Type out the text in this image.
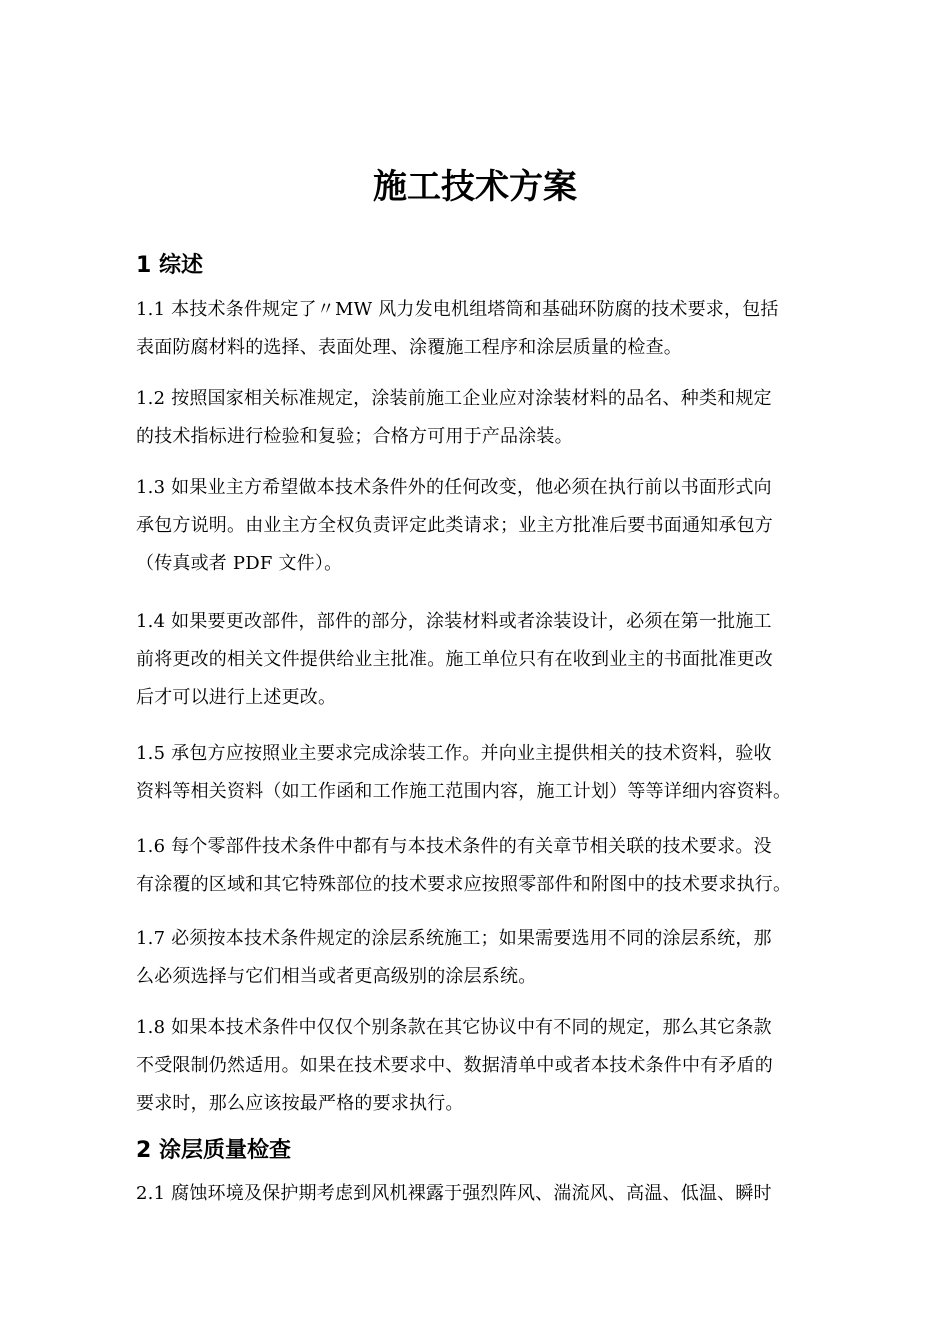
施工技术方案
1 综述
1.1 本技术条件规定了〃MW 风力发电机组塔筒和基础环防腐的技术要求，包括
表面防腐材料的选择、表面处理、涂覆施工程序和涂层质量的检查。
1.2 按照国家相关标准规定，涂装前施工企业应对涂装材料的品名、种类和规定
的技术指标进行检验和复验；合格方可用于产品涂装。
1.3 如果业主方希望做本技术条件外的任何改变，他必须在执行前以书面形式向
承包方说明。由业主方全权负责评定此类请求；业主方批准后要书面通知承包方
（传真或者 PDF 文件）。
1.4 如果要更改部件，部件的部分，涂装材料或者涂装设计，必须在第一批施工
前将更改的相关文件提供给业主批准。施工单位只有在收到业主的书面批准更改
后才可以进行上述更改。
1.5 承包方应按照业主要求完成涂装工作。并向业主提供相关的技术资料，验收
资料等相关资料（如工作函和工作施工范围内容，施工计划）等等详细内容资料。
1.6 每个零部件技术条件中都有与本技术条件的有关章节相关联的技术要求。没
有涂覆的区域和其它特殊部位的技术要求应按照零部件和附图中的技术要求执行。
1.7 必须按本技术条件规定的涂层系统施工；如果需要选用不同的涂层系统，那
么必须选择与它们相当或者更高级别的涂层系统。
1.8 如果本技术条件中仅仅个别条款在其它协议中有不同的规定，那么其它条款
不受限制仍然适用。如果在技术要求中、数据清单中或者本技术条件中有矛盾的
要求时，那么应该按最严格的要求执行。
2 涂层质量检查
2.1 腐蚀环境及保护期考虑到风机裸露于强烈阵风、湍流风、高温、低温、瞬时
